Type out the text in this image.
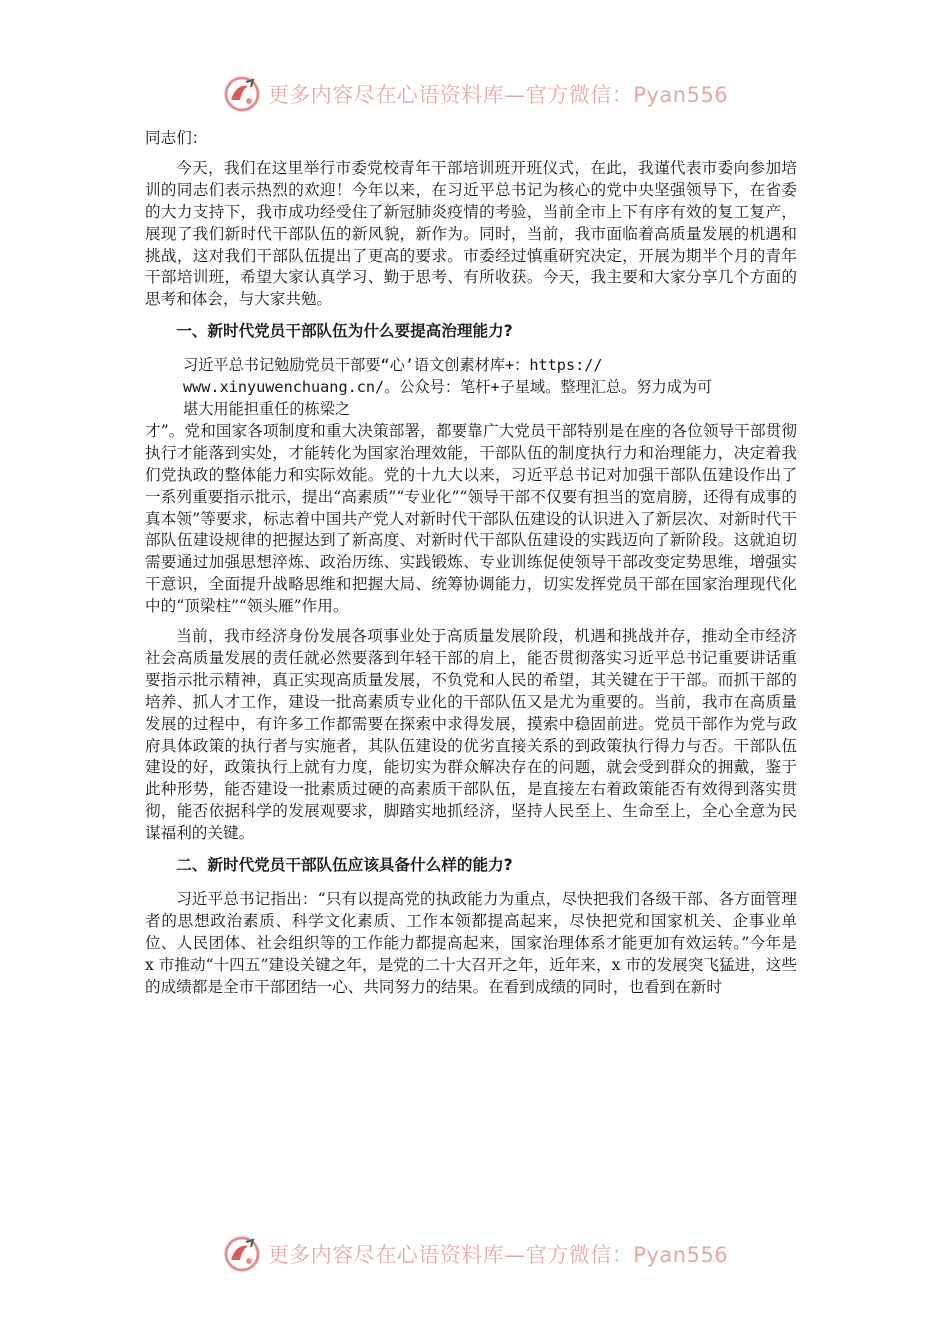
更多内容尽在心语资料库—官方微信：Pyan556

同志们：

今天，我们在这里举行市委党校青年干部培训班开班仪式，在此，我谨代表市委向参加培训的同志们表示热烈的欢迎！今年以来，在习近平总书记为核心的党中央坚强领导下，在省委的大力支持下，我市成功经受住了新冠肺炎疫情的考验，当前全市上下有序有效的复工复产，展现了我们新时代干部队伍的新风貌，新作为。同时，当前，我市面临着高质量发展的机遇和挑战，这对我们干部队伍提出了更高的要求。市委经过慎重研究决定，开展为期半个月的青年干部培训班，希望大家认真学习、勤于思考、有所收获。今天，我主要和大家分享几个方面的思考和体会，与大家共勉。

一、新时代党员干部队伍为什么要提高治理能力?

习近平总书记勉励党员干部要“心’语文创素材库+：https://

www.xinyuwenchuang.cn/。公众号：笔杆+子星域。整理汇总。努力成为可

堪大用能担重任的栋梁之

才”。党和国家各项制度和重大决策部署，都要靠广大党员干部特别是在座的各位领导干部贯彻执行才能落到实处，才能转化为国家治理效能，干部队伍的制度执行力和治理能力，决定着我们党执政的整体能力和实际效能。党的十九大以来，习近平总书记对加强干部队伍建设作出了一系列重要指示批示，提出“高素质”“专业化”“领导干部不仅要有担当的宽肩膀，还得有成事的真本领”等要求，标志着中国共产党人对新时代干部队伍建设的认识进入了新层次、对新时代干部队伍建设规律的把握达到了新高度、对新时代干部队伍建设的实践迈向了新阶段。这就迫切需要通过加强思想淬炼、政治历练、实践锻炼、专业训练促使领导干部改变定势思维，增强实干意识，全面提升战略思维和把握大局、统筹协调能力，切实发挥党员干部在国家治理现代化中的“顶梁柱”“领头雁”作用。

当前，我市经济身份发展各项事业处于高质量发展阶段，机遇和挑战并存，推动全市经济社会高质量发展的责任就必然要落到年轻干部的肩上，能否贯彻落实习近平总书记重要讲话重要指示批示精神，真正实现高质量发展，不负党和人民的希望，其关键在于干部。而抓干部的培养、抓人才工作，建设一批高素质专业化的干部队伍又是尤为重要的。当前，我市在高质量发展的过程中，有许多工作都需要在探索中求得发展，摸索中稳固前进。党员干部作为党与政府具体政策的执行者与实施者，其队伍建设的优劣直接关系的到政策执行得力与否。干部队伍建设的好，政策执行上就有力度，能切实为群众解决存在的问题，就会受到群众的拥戴，鉴于此种形势，能否建设一批素质过硬的高素质干部队伍，是直接左右着政策能否有效得到落实贯彻，能否依据科学的发展观要求，脚踏实地抓经济，坚持人民至上、生命至上，全心全意为民谋福利的关键。

二、新时代党员干部队伍应该具备什么样的能力?

习近平总书记指出：“只有以提高党的执政能力为重点，尽快把我们各级干部、各方面管理者的思想政治素质、科学文化素质、工作本领都提高起来，尽快把党和国家机关、企事业单位、人民团体、社会组织等的工作能力都提高起来，国家治理体系才能更加有效运转。”今年是 x 市推动“十四五”建设关键之年，是党的二十大召开之年，近年来，x 市的发展突飞猛进，这些的成绩都是全市干部团结一心、共同努力的结果。在看到成绩的同时，也看到在新时

更多内容尽在心语资料库—官方微信：Pyan556
